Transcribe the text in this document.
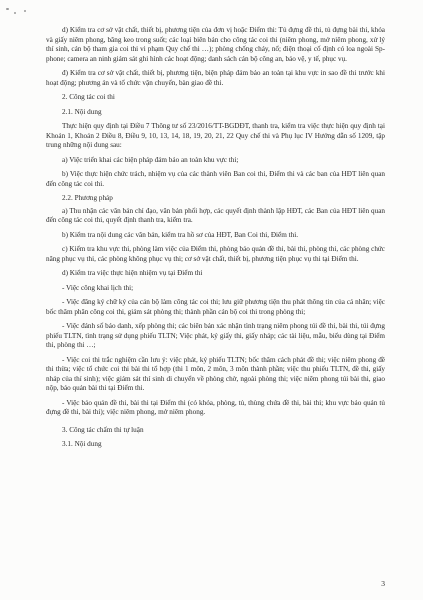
d) Kiểm tra cơ sở vật chất, thiết bị, phương tiện của đơn vị hoặc Điểm thi: Tủ đựng đề thi, tủ đựng bài thi, khóa và giấy niêm phong, băng keo trong suốt; các loại biên bản cho công tác coi thi (niêm phong, mở niêm phong, xử lý thí sinh, cán bộ tham gia coi thi vi phạm Quy chế thi …); phòng chống cháy, nổ; điện thoại cố định có loa ngoài Sp-phone; camera an ninh giám sát ghi hình các hoạt động; danh sách cán bộ công an, bảo vệ, y tế, phục vụ.

đ) Kiểm tra cơ sở vật chất, thiết bị, phương tiện, biện pháp đảm bảo an toàn tại khu vực in sao đề thi trước khi hoạt động; phương án và tổ chức vận chuyển, bàn giao đề thi.

2. Công tác coi thi

2.1. Nội dung

Thực hiện quy định tại Điều 7 Thông tư số 23/2016/TT-BGDĐT, thanh tra, kiểm tra việc thực hiện quy định tại Khoản 1, Khoản 2 Điều 8, Điều 9, 10, 13, 14, 18, 19, 20, 21, 22 Quy chế thi và Phụ lục IV Hướng dẫn số 1209, tập trung những nội dung sau:

a) Việc triển khai các biện pháp đảm bảo an toàn khu vực thi;

b) Việc thực hiện chức trách, nhiệm vụ của các thành viên Ban coi thi, Điểm thi và các ban của HĐT liên quan đến công tác coi thi.

2.2. Phương pháp

a) Thu nhận các văn bản chỉ đạo, văn bản phối hợp, các quyết định thành lập HĐT, các Ban của HĐT liên quan đến công tác coi thi, quyết định thanh tra, kiểm tra.

b) Kiểm tra nội dung các văn bản, kiểm tra hồ sơ của HĐT, Ban Coi thi, Điểm thi.

c) Kiểm tra khu vực thi, phòng làm việc của Điểm thi, phòng bảo quản đề thi, bài thi, phòng thi, các phòng chức năng phục vụ thi, các phòng không phục vụ thi; cơ sở vật chất, thiết bị, phương tiện phục vụ thi tại Điểm thi.

d) Kiểm tra việc thực hiện nhiệm vụ tại Điểm thi

- Việc công khai lịch thi;

- Việc đăng ký chữ ký của cán bộ làm công tác coi thi; lưu giữ phương tiện thu phát thông tin của cá nhân; việc bốc thăm phân công coi thi, giám sát phòng thi; thành phần cán bộ coi thi trong phòng thi;

- Việc đánh số báo danh, xếp phòng thi; các biên bản xác nhận tình trạng niêm phong túi đề thi, bài thi, túi đựng phiếu TLTN, tình trạng sử dụng phiếu TLTN; Việc phát, ký giấy thi, giấy nháp; các tài liệu, mẫu, biểu dùng tại Điểm thi, phòng thi …;

- Việc coi thi trắc nghiệm cần lưu ý: việc phát, ký phiếu TLTN; bốc thăm cách phát đề thi; việc niêm phong đề thi thừa; việc tổ chức coi thi bài thi tổ hợp (thi 1 môn, 2 môn, 3 môn thành phần; việc thu phiếu TLTN, đề thi, giấy nháp của thí sinh); việc giám sát thí sinh di chuyển về phòng chờ, ngoài phòng thi; việc niêm phong túi bài thi, giao nộp, bảo quản bài thi tại Điểm thi.

- Việc bảo quản đề thi, bài thi tại Điểm thi (có khóa, phòng, tủ, thùng chứa đề thi, bài thi; khu vực bảo quản tủ đựng đề thi, bài thi); việc niêm phong, mở niêm phong.

3. Công tác chấm thi tự luận

3.1. Nội dung

3
